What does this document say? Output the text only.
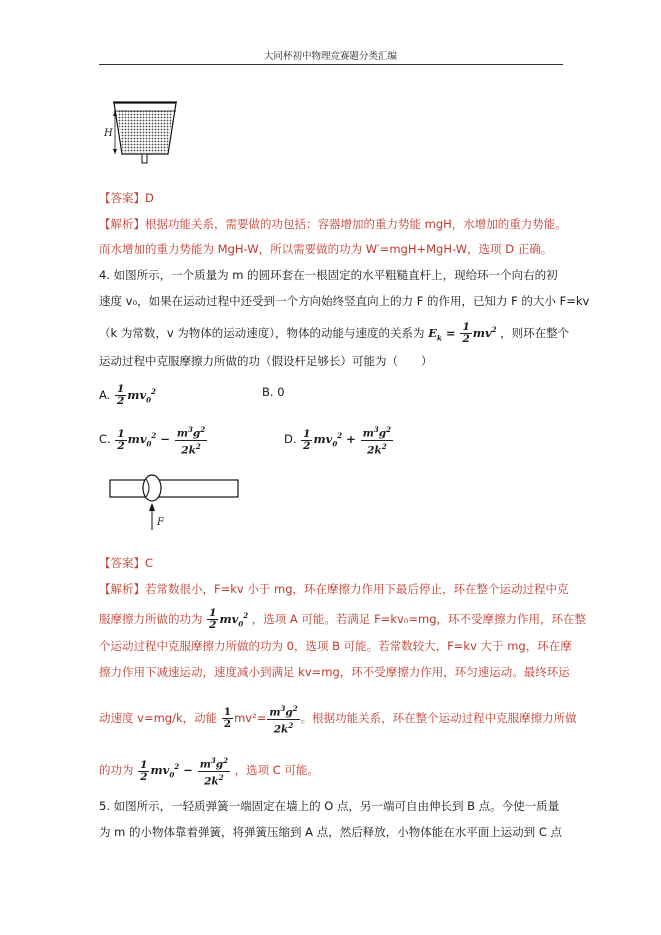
大同杯初中物理竞赛题分类汇编
H
【答案】D
【解析】根据功能关系，需要做的功包括：容器增加的重力势能 mgH，水增加的重力势能。
而水增加的重力势能为 MgH-W，所以需要做的功为 W′=mgH+MgH-W，选项 D 正确。
4. 如图所示，一个质量为 m 的圆环套在一根固定的水平粗糙直杆上，现给环一个向右的初
速度 v₀，如果在运动过程中还受到一个方向始终竖直向上的力 F 的作用，已知力 F 的大小 F=kv
（k 为常数，v 为物体的运动速度），物体的动能与速度的关系为 $E_k = \frac{1}{2} mv^2$ ，则环在整个
运动过程中克服摩擦力所做的功（假设杆足够长）可能为（　　）
A. $\frac{1}{2} mv_0^2$	B. 0
C. $\frac{1}{2} mv_0^2 - \frac{m^3g^2}{2k^2}$	D. $\frac{1}{2} mv_0^2 + \frac{m^3g^2}{2k^2}$
F
【答案】C
【解析】若常数很小，F=kv 小于 mg，环在摩擦力作用下最后停止，环在整个运动过程中克
服摩擦力所做的功为 $\frac{1}{2} mv_0^2$ ，选项 A 可能。若满足 F=kv₀=mg，环不受摩擦力作用，环在整
个运动过程中克服摩擦力所做的功为 0，选项 B 可能。若常数较大，F=kv 大于 mg，环在摩
擦力作用下减速运动，速度减小到满足 kv=mg，环不受摩擦力作用，环匀速运动。最终环运
动速度 v=mg/k，动能 $\frac{1}{2} mv^2= \frac{m^3g^2}{2k^2}$ 。根据功能关系，环在整个运动过程中克服摩擦力所做
的功为 $\frac{1}{2} mv_0^2 - \frac{m^3g^2}{2k^2}$ ，选项 C 可能。
5. 如图所示，一轻质弹簧一端固定在墙上的 O 点，另一端可自由伸长到 B 点。今使一质量
为 m 的小物体靠着弹簧，将弹簧压缩到 A 点，然后释放，小物体能在水平面上运动到 C 点
